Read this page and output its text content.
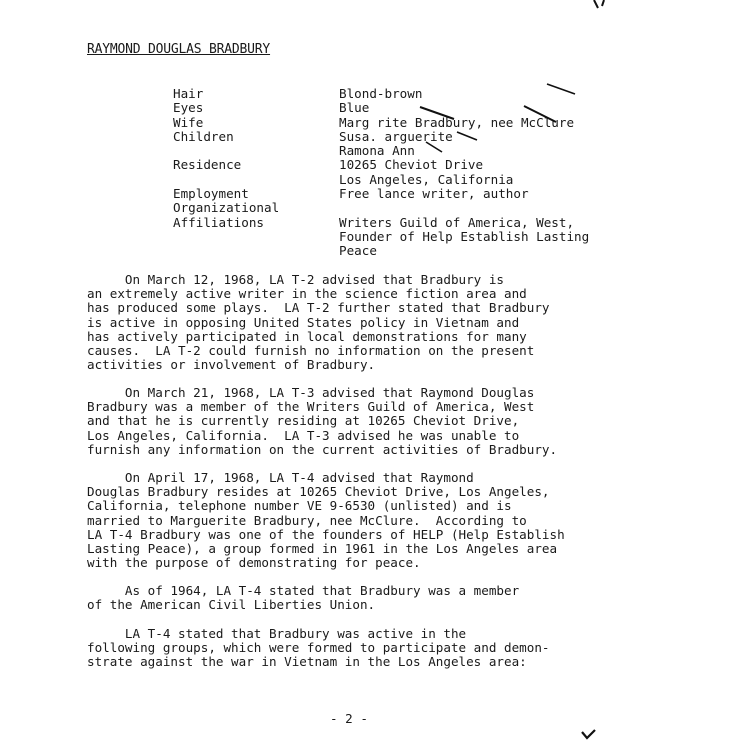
RAYMOND DOUGLAS BRADBURY
Hair	Blond-brown
Eyes	Blue
Wife	Marg rite Bradbury, nee McClure
Children	Susa. arguerite
Ramona Ann
Residence	10265 Cheviot Drive
Los Angeles, California
Employment	Free lance writer, author
Organizational
Affiliations	Writers Guild of America, West,
Founder of Help Establish Lasting
Peace
On March 12, 1968, LA T-2 advised that Bradbury is
an extremely active writer in the science fiction area and
has produced some plays.  LA T-2 further stated that Bradbury
is active in opposing United States policy in Vietnam and
has actively participated in local demonstrations for many
causes.  LA T-2 could furnish no information on the present
activities or involvement of Bradbury.
On March 21, 1968, LA T-3 advised that Raymond Douglas
Bradbury was a member of the Writers Guild of America, West
and that he is currently residing at 10265 Cheviot Drive,
Los Angeles, California.  LA T-3 advised he was unable to
furnish any information on the current activities of Bradbury.
On April 17, 1968, LA T-4 advised that Raymond
Douglas Bradbury resides at 10265 Cheviot Drive, Los Angeles,
California, telephone number VE 9-6530 (unlisted) and is
married to Marguerite Bradbury, nee McClure.  According to
LA T-4 Bradbury was one of the founders of HELP (Help Establish
Lasting Peace), a group formed in 1961 in the Los Angeles area
with the purpose of demonstrating for peace.
As of 1964, LA T-4 stated that Bradbury was a member
of the American Civil Liberties Union.
LA T-4 stated that Bradbury was active in the
following groups, which were formed to participate and demon-
strate against the war in Vietnam in the Los Angeles area:
- 2 -
